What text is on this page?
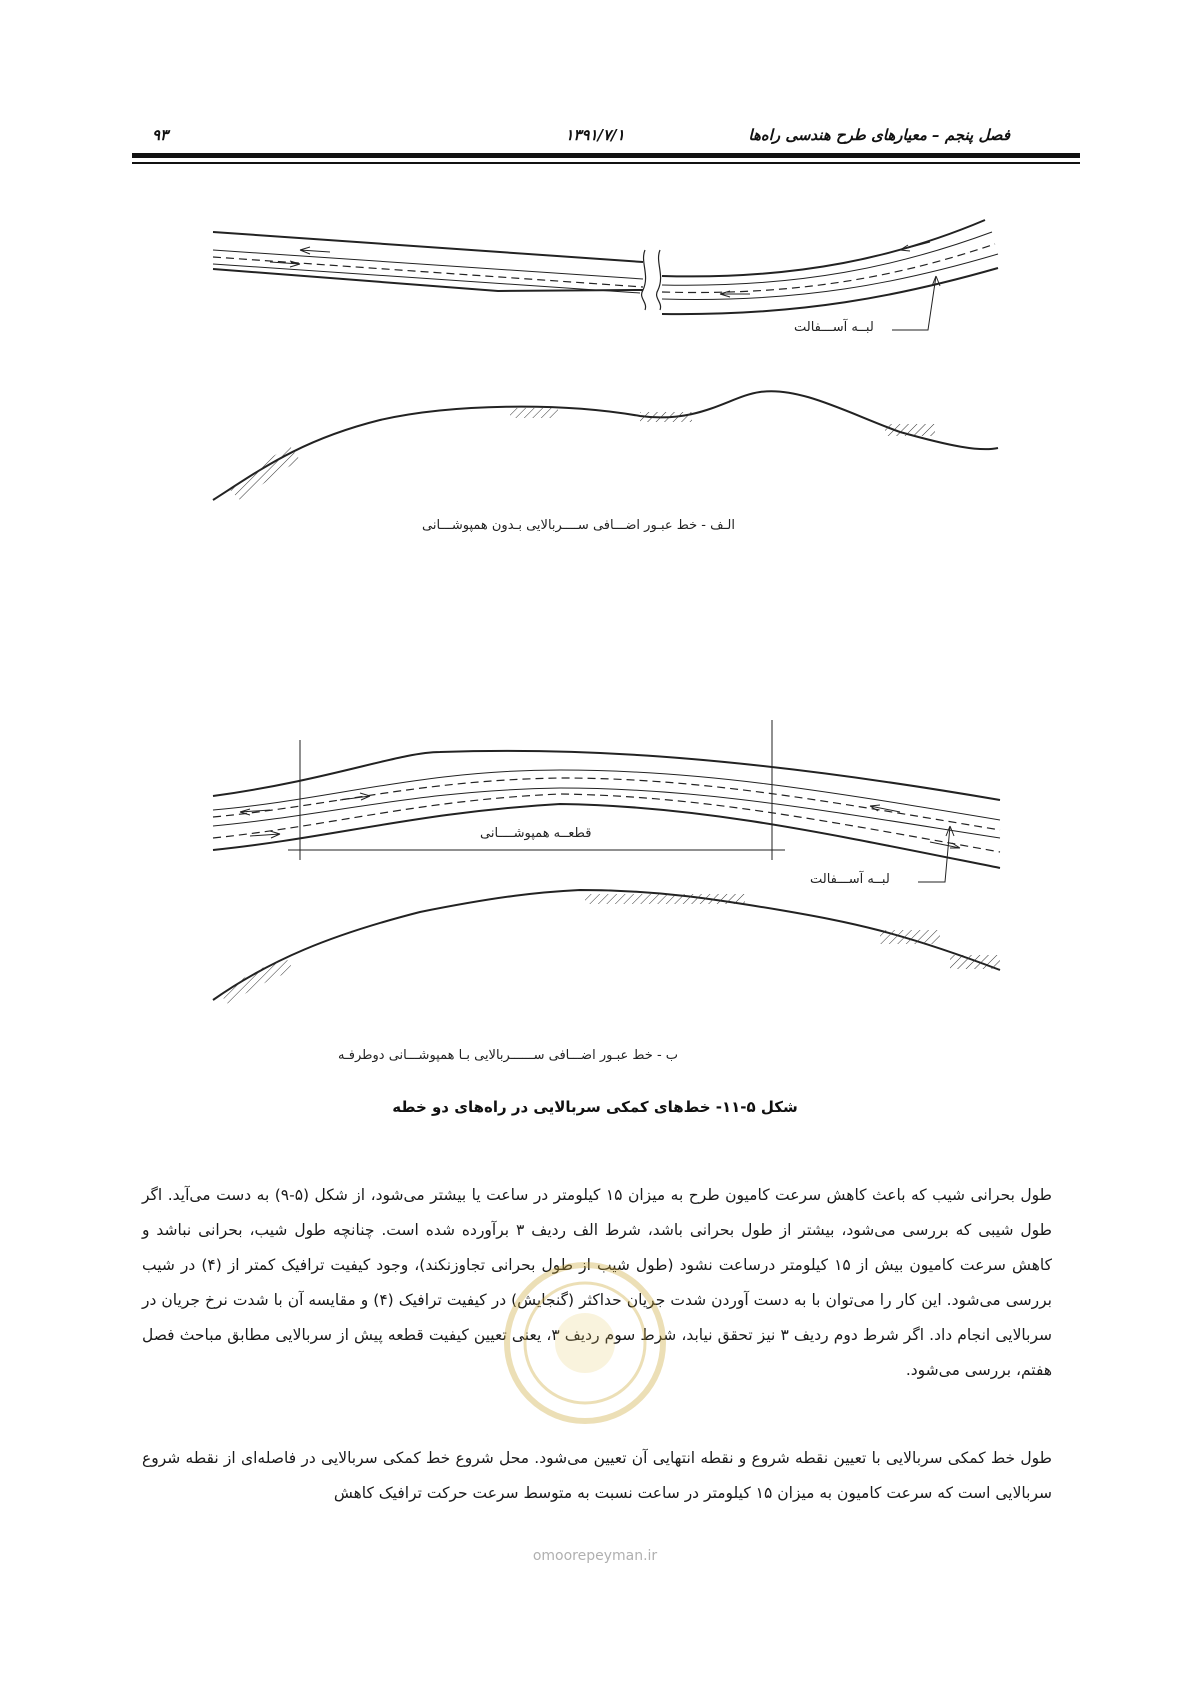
فصل پنجم – معیارهای طرح هندسی راه‌ها
۱۳۹۱/۷/۱
۹۳
لبــه آســـفالت
الـف - خط عبـور اضـــافی ســــربالایی بـدون همپوشـــانی
قطعــه همپوشــــانی
لبــه آســـفالت
ب - خط عبـور اضـــافی ســــــربالایی بـا همپوشـــانی دوطرفـه
شکل ۵-۱۱- خط‌های کمکی سربالایی در راه‌های دو خطه

طول بحرانی شیب که باعث کاهش سرعت کامیون طرح به میزان ۱۵ کیلومتر در ساعت یا بیشتر می‌شود، از شکل (۵-۹) به دست می‌آید. اگر طول شیبی که بررسی می‌شود، بیشتر از طول بحرانی باشد، شرط الف ردیف ۳ برآورده شده است. چنانچه طول شیب، بحرانی نباشد و کاهش سرعت کامیون بیش از ۱۵ کیلومتر درساعت نشود (طول شیب از طول بحرانی تجاوزنکند)، وجود کیفیت ترافیک کمتر از (۴) در شیب بررسی می‌شود. این کار را می‌توان با به دست آوردن شدت جریان حداکثر (گنجایش) در کیفیت ترافیک (۴) و مقایسه آن با شدت نرخ جریان در سربالایی انجام داد. اگر شرط دوم ردیف ۳ نیز تحقق نیابد، شرط سوم ردیف ۳، یعنی تعیین کیفیت قطعه پیش از سربالایی مطابق مباحث فصل هفتم، بررسی می‌شود.

طول خط کمکی سربالایی با تعیین نقطه شروع و نقطه انتهایی آن تعیین می‌شود. محل شروع خط کمکی سربالایی در فاصله‌ای از نقطه شروع سربالایی است که سرعت کامیون به میزان ۱۵ کیلومتر در ساعت نسبت به متوسط سرعت حرکت ترافیک کاهش

omoorepeyman.ir
